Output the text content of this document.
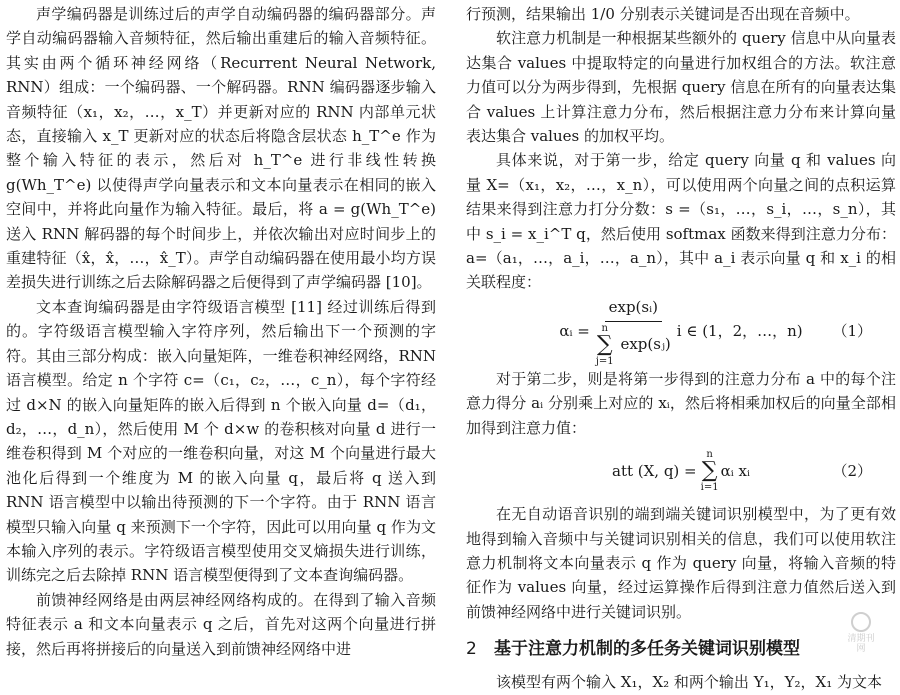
声学编码器是训练过后的声学自动编码器的编码器部分。声学自动编码器输入音频特征，然后输出重建后的输入音频特征。其实由两个循环神经网络（Recurrent Neural Network, RNN）组成：一个编码器、一个解码器。RNN 编码器逐步输入音频特征（x₁，x₂，…，x_T）并更新对应的 RNN 内部单元状态，直接输入 x_T 更新对应的状态后将隐含层状态 h_T^e 作为整个输入特征的表示，然后对 h_T^e 进行非线性转换 g(Wh_T^e) 以使得声学向量表示和文本向量表示在相同的嵌入空间中，并将此向量作为输入特征。最后，将 a = g(Wh_T^e) 送入 RNN 解码器的每个时间步上，并依次输出对应时间步上的重建特征（x̂，x̂，…，x̂_T）。声学自动编码器在使用最小均方误差损失进行训练之后去除解码器之后便得到了声学编码器 [10]。

文本查询编码器是由字符级语言模型 [11] 经过训练后得到的。字符级语言模型输入字符序列，然后输出下一个预测的字符。其由三部分构成：嵌入向量矩阵，一维卷积神经网络，RNN 语言模型。给定 n 个字符 c=（c₁，c₂，…，c_n），每个字符经过 d×N 的嵌入向量矩阵的嵌入后得到 n 个嵌入向量 d=（d₁，d₂，…，d_n），然后使用 M 个 d×w 的卷积核对向量 d 进行一维卷积得到 M 个对应的一维卷积向量，对这 M 个向量进行最大池化后得到一个维度为 M 的嵌入向量 q，最后将 q 送入到 RNN 语言模型中以输出待预测的下一个字符。由于 RNN 语言模型只输入向量 q 来预测下一个字符，因此可以用向量 q 作为文本输入序列的表示。字符级语言模型使用交叉熵损失进行训练，训练完之后去除掉 RNN 语言模型便得到了文本查询编码器。

前馈神经网络是由两层神经网络构成的。在得到了输入音频特征表示 a 和文本向量表示 q 之后，首先对这两个向量进行拼接，然后再将拼接后的向量送入到前馈神经网络中进

行预测，结果输出 1/0 分别表示关键词是否出现在音频中。

软注意力机制是一种根据某些额外的 query 信息中从向量表达集合 values 中提取特定的向量进行加权组合的方法。软注意力值可以分为两步得到，先根据 query 信息在所有的向量表达集合 values 上计算注意力分布，然后根据注意力分布来计算向量表达集合 values 的加权平均。

具体来说，对于第一步，给定 query 向量 q 和 values 向量 X=（x₁，x₂，…，x_n），可以使用两个向量之间的点积运算结果来得到注意力打分分数：s =（s₁，…，s_i，…，s_n），其中 s_i = x_i^T q，然后使用 softmax 函数来得到注意力分布：a=（a₁，…，a_i，…，a_n），其中 a_i 表示向量 q 和 x_i 的相关联程度：

αᵢ = exp(sᵢ)
n
∑
j=1
exp(sⱼ) i ∈ (1，2，…，n) （1）

对于第二步，则是将第一步得到的注意力分布 a 中的每个注意力得分 aᵢ 分别乘上对应的 xᵢ，然后将相乘加权后的向量全部相加得到注意力值：

att (X, q) =
n
∑
i=1
αᵢ xᵢ	（2）

在无自动语音识别的端到端关键词识别模型中，为了更有效地得到输入音频中与关键词识别相关的信息，我们可以使用软注意力机制将文本向量表示 q 作为 query 向量，将输入音频的特征作为 values 向量，经过运算操作后得到注意力值然后送入到前馈神经网络中进行关键词识别。

2 基于注意力机制的多任务关键词识别模型

该模型有两个输入 X₁，X₂ 和两个输出 Y₁，Y₂，X₁ 为文本

清期刊网
